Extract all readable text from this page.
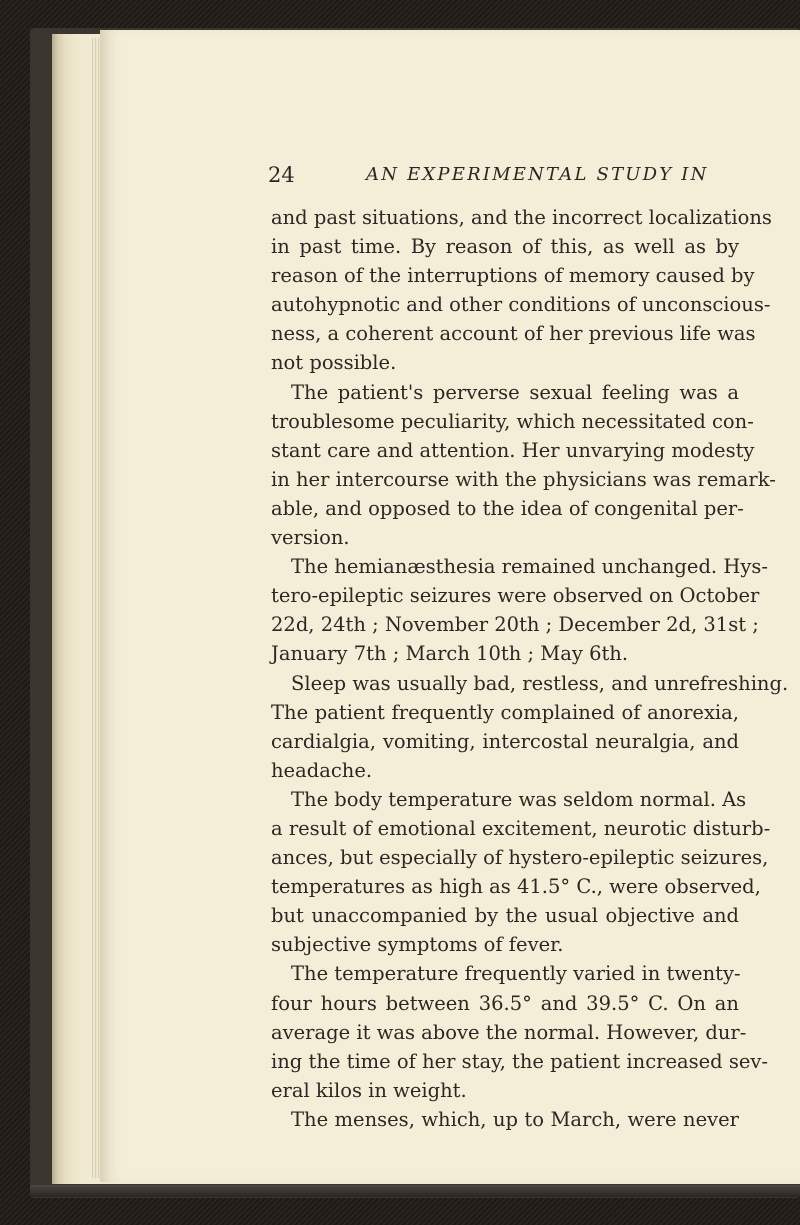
24	AN EXPERIMENTAL STUDY IN
and past situations, and the incorrect localizations
in past time. By reason of this, as well as by
reason of the interruptions of memory caused by
autohypnotic and other conditions of unconscious-
ness, a coherent account of her previous life was
not possible.
The patient's perverse sexual feeling was a
troublesome peculiarity, which necessitated con-
stant care and attention. Her unvarying modesty
in her intercourse with the physicians was remark-
able, and opposed to the idea of congenital per-
version.
The hemianæsthesia remained unchanged. Hys-
tero-epileptic seizures were observed on October
22d, 24th ; November 20th ; December 2d, 31st ;
January 7th ; March 10th ; May 6th.
Sleep was usually bad, restless, and unrefreshing.
The patient frequently complained of anorexia,
cardialgia, vomiting, intercostal neuralgia, and
headache.
The body temperature was seldom normal. As
a result of emotional excitement, neurotic disturb-
ances, but especially of hystero-epileptic seizures,
temperatures as high as 41.5° C., were observed,
but unaccompanied by the usual objective and
subjective symptoms of fever.
The temperature frequently varied in twenty-
four hours between 36.5° and 39.5° C. On an
average it was above the normal. However, dur-
ing the time of her stay, the patient increased sev-
eral kilos in weight.
The menses, which, up to March, were never
